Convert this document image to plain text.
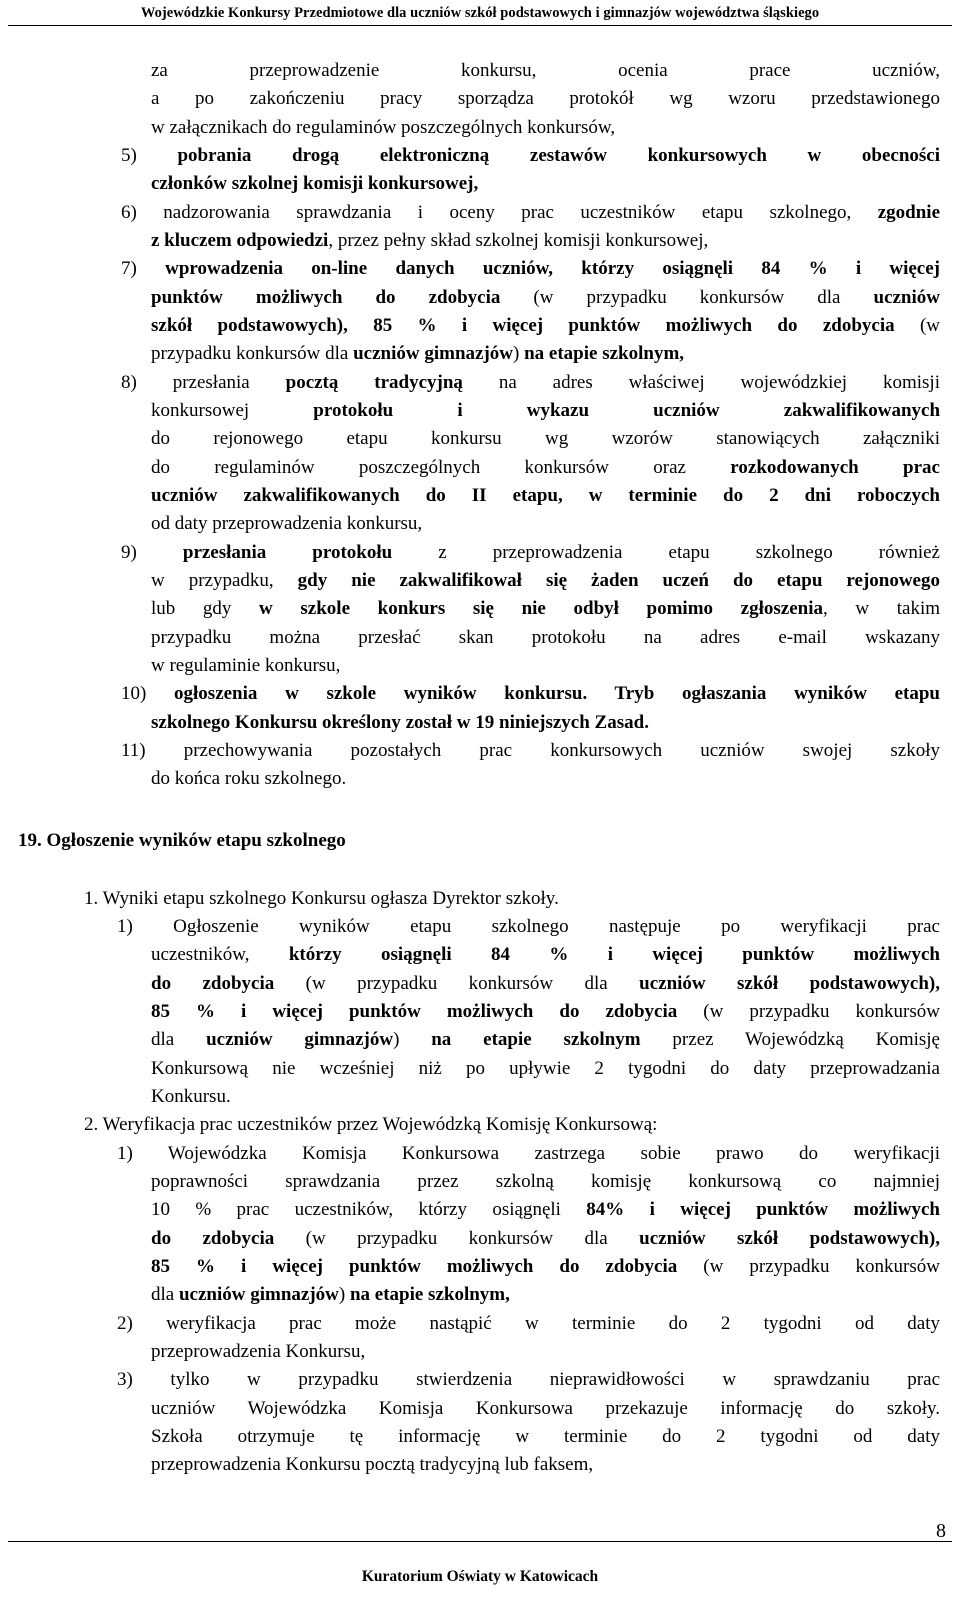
Wojewódzkie Konkursy Przedmiotowe dla uczniów szkół podstawowych i gimnazjów województwa śląskiego
za przeprowadzenie konkursu, ocenia prace uczniów,
a po zakończeniu pracy sporządza protokół wg wzoru przedstawionego
w załącznikach do regulaminów poszczególnych konkursów,
5) pobrania drogą elektroniczną zestawów konkursowych w obecności
członków szkolnej komisji konkursowej,
6) nadzorowania sprawdzania i oceny prac uczestników etapu szkolnego, zgodnie
z kluczem odpowiedzi, przez pełny skład szkolnej komisji konkursowej,
7) wprowadzenia on-line danych uczniów, którzy osiągnęli 84 % i więcej
punktów możliwych do zdobycia (w przypadku konkursów dla uczniów
szkół podstawowych), 85 % i więcej punktów możliwych do zdobycia (w
przypadku konkursów dla uczniów gimnazjów) na etapie szkolnym,
8) przesłania pocztą tradycyjną na adres właściwej wojewódzkiej komisji
konkursowej protokołu i wykazu uczniów zakwalifikowanych
do rejonowego etapu konkursu wg wzorów stanowiących załączniki
do regulaminów poszczególnych konkursów oraz rozkodowanych prac
uczniów zakwalifikowanych do II etapu, w terminie do 2 dni roboczych
od daty przeprowadzenia konkursu,
9) przesłania protokołu z przeprowadzenia etapu szkolnego również
w przypadku, gdy nie zakwalifikował się żaden uczeń do etapu rejonowego
lub gdy w szkole konkurs się nie odbył pomimo zgłoszenia, w takim
przypadku można przesłać skan protokołu na adres e-mail wskazany
w regulaminie konkursu,
10) ogłoszenia w szkole wyników konkursu. Tryb ogłaszania wyników etapu
szkolnego Konkursu określony został w 19 niniejszych Zasad.
11) przechowywania pozostałych prac konkursowych uczniów swojej szkoły
do końca roku szkolnego.
19. Ogłoszenie wyników etapu szkolnego
1. Wyniki etapu szkolnego Konkursu ogłasza Dyrektor szkoły.
1) Ogłoszenie wyników etapu szkolnego następuje po weryfikacji prac
uczestników, którzy osiągnęli 84 % i więcej punktów możliwych
do zdobycia (w przypadku konkursów dla uczniów szkół podstawowych),
85 % i więcej punktów możliwych do zdobycia (w przypadku konkursów
dla uczniów gimnazjów) na etapie szkolnym przez Wojewódzką Komisję
Konkursową nie wcześniej niż po upływie 2 tygodni do daty przeprowadzania
Konkursu.
2. Weryfikacja prac uczestników przez Wojewódzką Komisję Konkursową:
1) Wojewódzka Komisja Konkursowa zastrzega sobie prawo do weryfikacji
poprawności sprawdzania przez szkolną komisję konkursową co najmniej
10 % prac uczestników, którzy osiągnęli 84% i więcej punktów możliwych
do zdobycia (w przypadku konkursów dla uczniów szkół podstawowych),
85 % i więcej punktów możliwych do zdobycia (w przypadku konkursów
dla uczniów gimnazjów) na etapie szkolnym,
2) weryfikacja prac może nastąpić w terminie do 2 tygodni od daty
przeprowadzenia Konkursu,
3) tylko w przypadku stwierdzenia nieprawidłowości w sprawdzaniu prac
uczniów Wojewódzka Komisja Konkursowa przekazuje informację do szkoły.
Szkoła otrzymuje tę informację w terminie do 2 tygodni od daty
przeprowadzenia Konkursu pocztą tradycyjną lub faksem,
8
Kuratorium Oświaty w Katowicach
